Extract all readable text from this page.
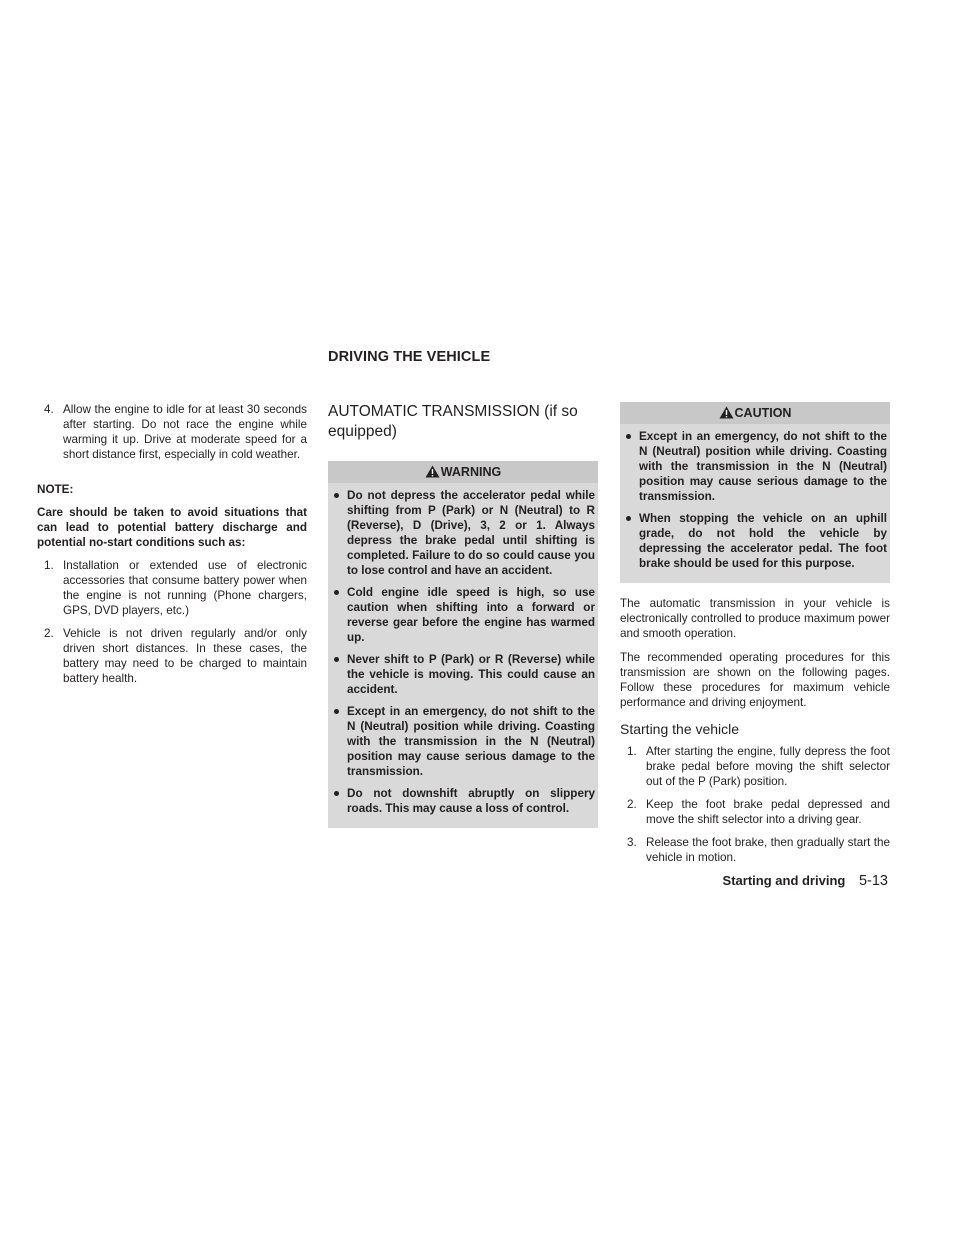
DRIVING THE VEHICLE
4. Allow the engine to idle for at least 30 seconds after starting. Do not race the engine while warming it up. Drive at moderate speed for a short distance first, especially in cold weather.
NOTE:
Care should be taken to avoid situations that can lead to potential battery discharge and potential no-start conditions such as:
1. Installation or extended use of electronic accessories that consume battery power when the engine is not running (Phone chargers, GPS, DVD players, etc.)
2. Vehicle is not driven regularly and/or only driven short distances. In these cases, the battery may need to be charged to maintain battery health.
AUTOMATIC TRANSMISSION (if so equipped)
WARNING
Do not depress the accelerator pedal while shifting from P (Park) or N (Neutral) to R (Reverse), D (Drive), 3, 2 or 1. Always depress the brake pedal until shifting is completed. Failure to do so could cause you to lose control and have an accident.
Cold engine idle speed is high, so use caution when shifting into a forward or reverse gear before the engine has warmed up.
Never shift to P (Park) or R (Reverse) while the vehicle is moving. This could cause an accident.
Except in an emergency, do not shift to the N (Neutral) position while driving. Coasting with the transmission in the N (Neutral) position may cause serious damage to the transmission.
Do not downshift abruptly on slippery roads. This may cause a loss of control.
CAUTION
Except in an emergency, do not shift to the N (Neutral) position while driving. Coasting with the transmission in the N (Neutral) position may cause serious damage to the transmission.
When stopping the vehicle on an uphill grade, do not hold the vehicle by depressing the accelerator pedal. The foot brake should be used for this purpose.

The automatic transmission in your vehicle is electronically controlled to produce maximum power and smooth operation.

The recommended operating procedures for this transmission are shown on the following pages. Follow these procedures for maximum vehicle performance and driving enjoyment.

Starting the vehicle
1. After starting the engine, fully depress the foot brake pedal before moving the shift selector out of the P (Park) position.
2. Keep the foot brake pedal depressed and move the shift selector into a driving gear.
3. Release the foot brake, then gradually start the vehicle in motion.
Starting and driving 5-13
